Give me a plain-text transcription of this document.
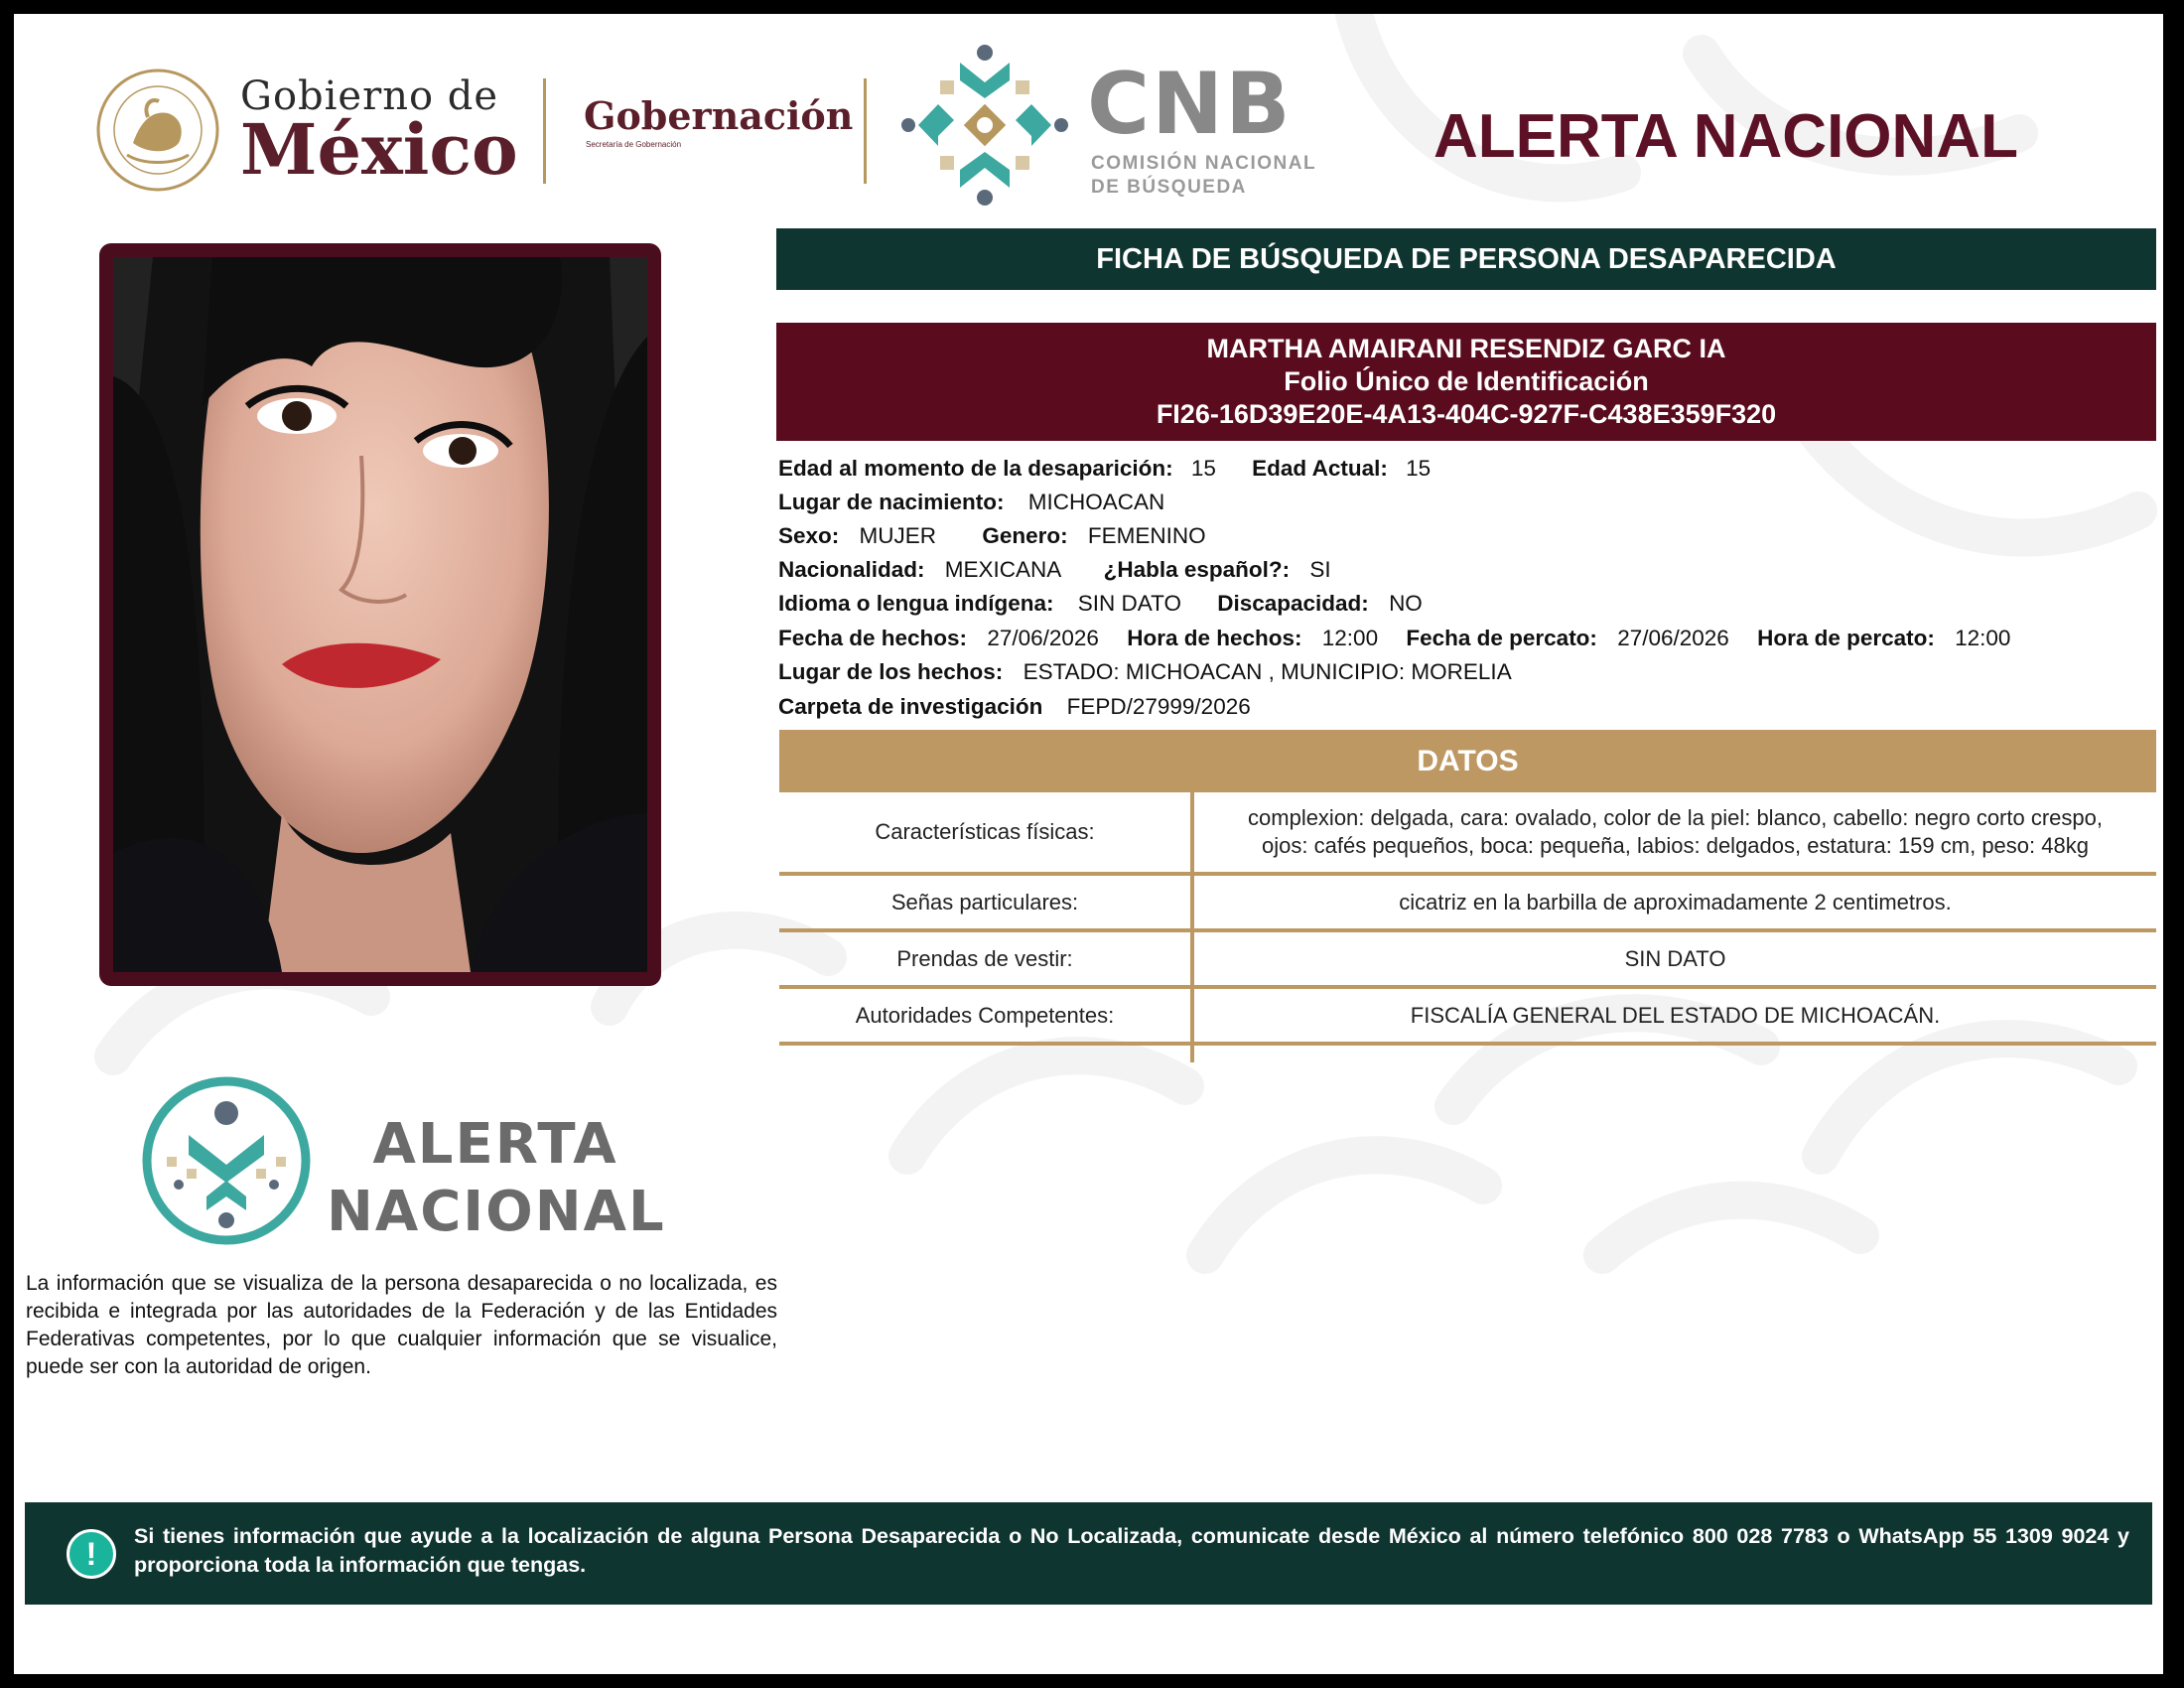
Gobierno de
México Gobernación
Secretaría de Gobernación	CNB
COMISIÓN NACIONAL
DE BÚSQUEDA
ALERTA NACIONAL
FICHA DE BÚSQUEDA DE PERSONA DESAPARECIDA
MARTHA AMAIRANI RESENDIZ GARC IA
Folio Único de Identificación
FI26-16D39E20E-4A13-404C-927F-C438E359F320
Edad al momento de la desaparición: 15 Edad Actual: 15
Lugar de nacimiento: MICHOACAN
Sexo: MUJER Genero: FEMENINO
Nacionalidad: MEXICANA ¿Habla español?: SI
Idioma o lengua indígena: SIN DATO Discapacidad: NO
Fecha de hechos: 27/06/2026 Hora de hechos: 12:00 Fecha de percato: 27/06/2026 Hora de percato: 12:00
Lugar de los hechos: ESTADO: MICHOACAN , MUNICIPIO: MORELIA
Carpeta de investigación FEPD/27999/2026
DATOS
Características físicas:
complexion: delgada, cara: ovalado, color de la piel: blanco, cabello: negro corto crespo,
ojos: cafés pequeños, boca: pequeña, labios: delgados, estatura: 159 cm, peso: 48kg
Señas particulares:	cicatriz en la barbilla de aproximadamente 2 centimetros.
Prendas de vestir:	SIN DATO
Autoridades Competentes:	FISCALÍA GENERAL DEL ESTADO DE MICHOACÁN.
ALERTA
NACIONAL
La información que se visualiza de la persona desaparecida o no localizada, es recibida e integrada por las autoridades de la Federación y de las Entidades Federativas competentes, por lo que cualquier información que se visualice, puede ser con la autoridad de origen.
!	Si tienes información que ayude a la localización de alguna Persona Desaparecida o No Localizada, comunicate desde México al número telefónico 800 028 7783 o WhatsApp 55 1309 9024 y proporciona toda la información que tengas.
